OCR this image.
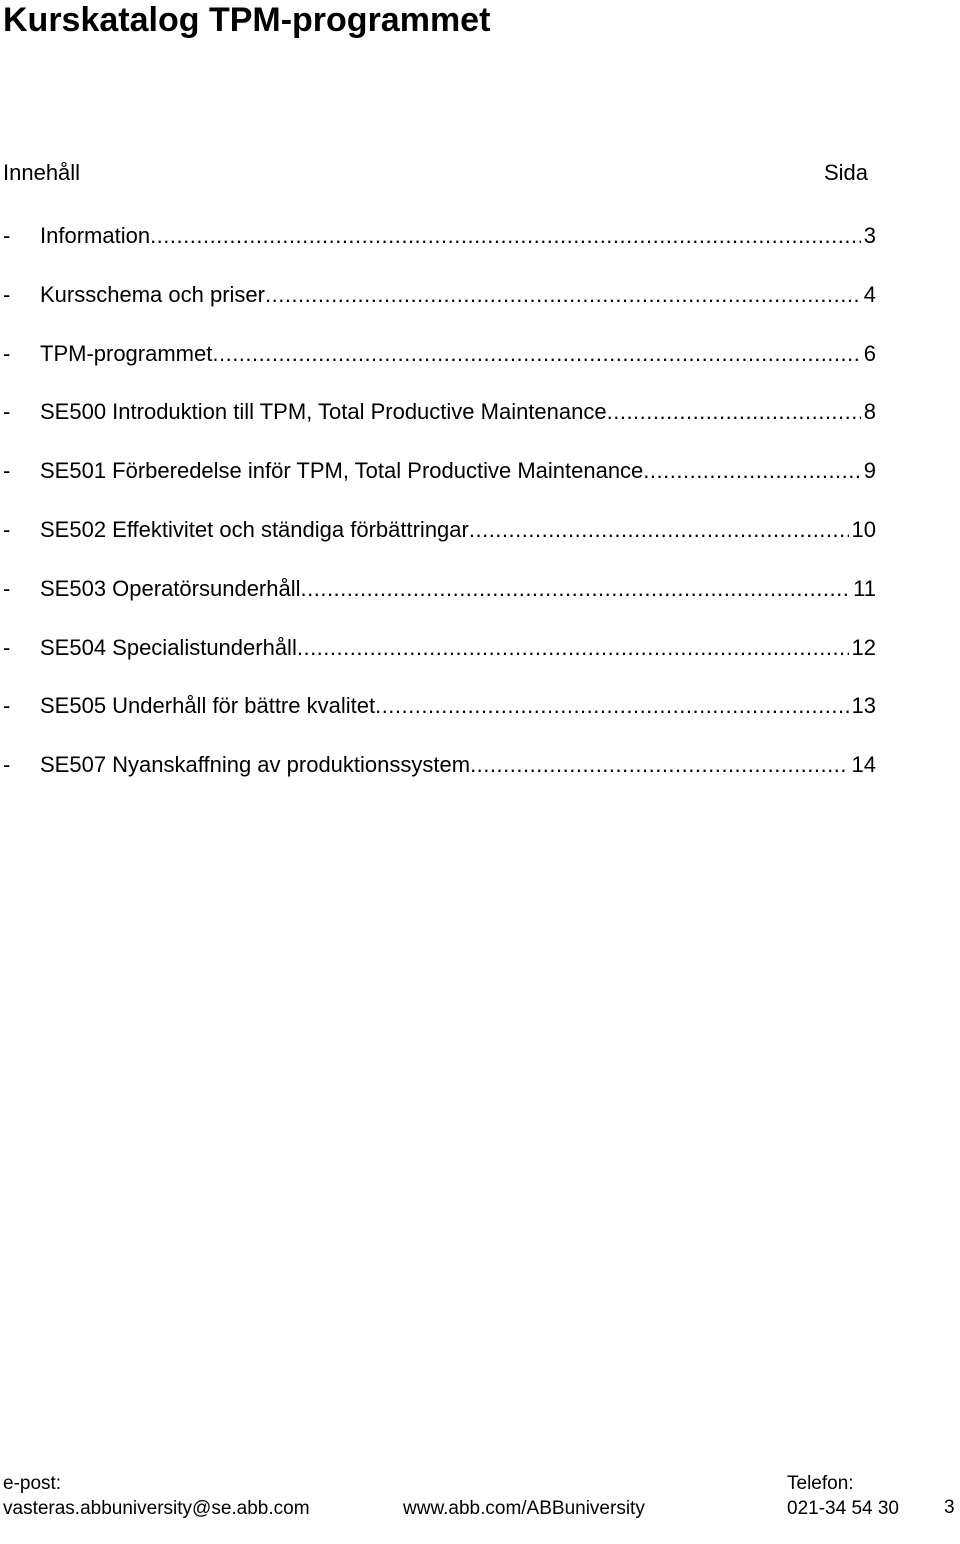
Kurskatalog TPM-programmet
Innehåll	Sida
-	Information .....	3
-	Kursschema och priser .....	4
-	TPM-programmet .....	6
-	SE500 Introduktion till TPM, Total Productive Maintenance .....	8
-	SE501 Förberedelse inför TPM, Total Productive Maintenance .....	9
-	SE502 Effektivitet och ständiga förbättringar .....	10
-	SE503 Operatörsunderhåll .....	11
-	SE504 Specialistunderhåll .....	12
-	SE505 Underhåll för bättre kvalitet .....	13
-	SE507 Nyanskaffning av produktionssystem .....	14
e-post:
vasteras.abbuniversity@se.abb.com	www.abb.com/ABBuniversity
Telefon:
021-34 54 30 3
